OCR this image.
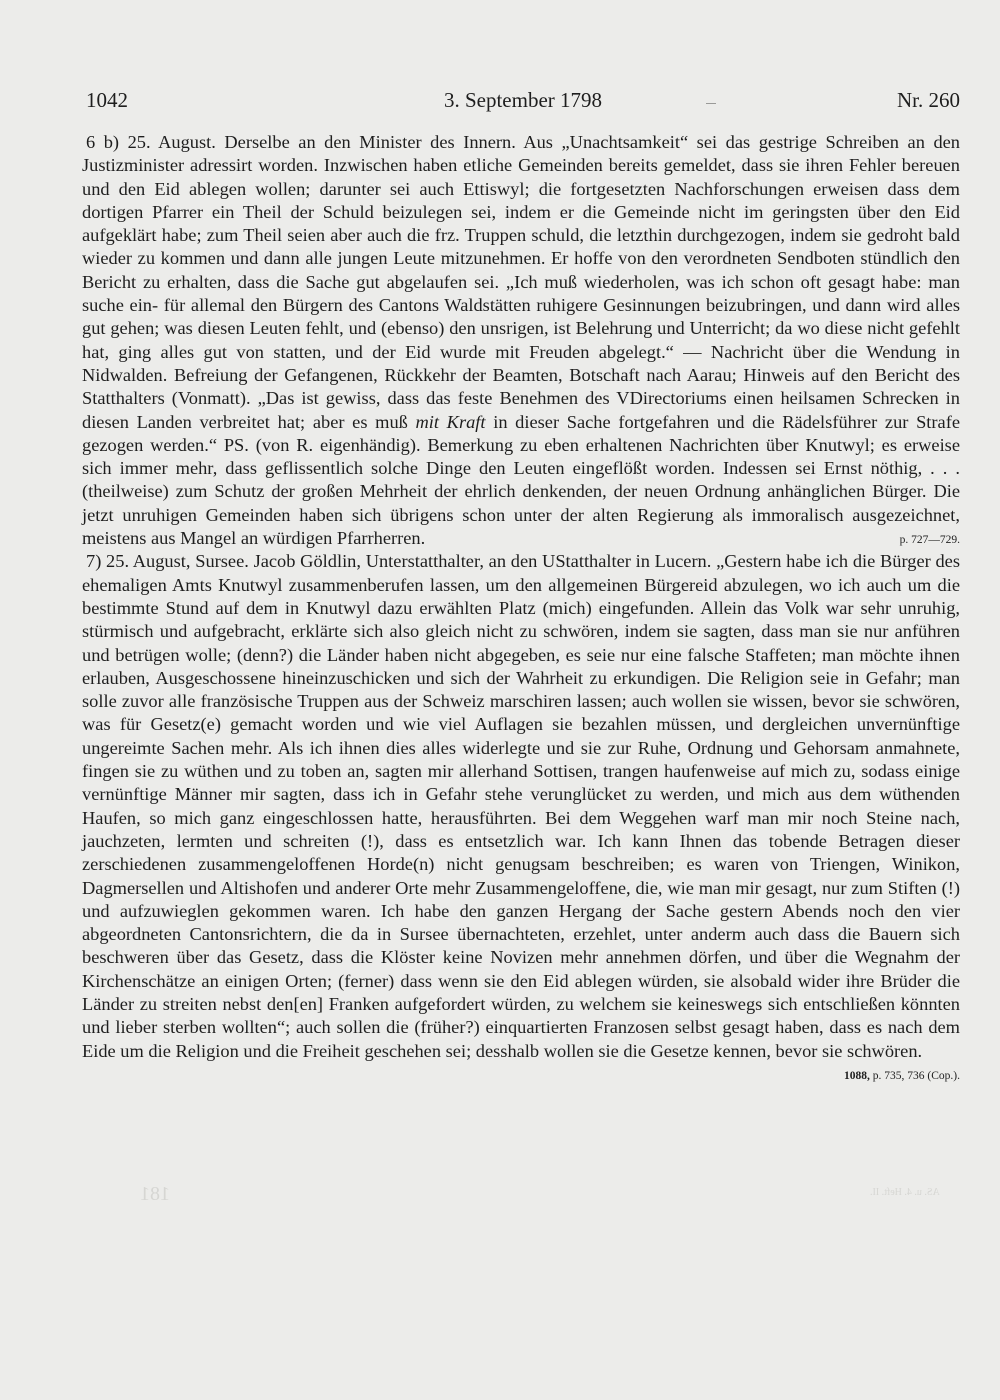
1042	3. September 1798	Nr. 260

6 b) 25. August. Derselbe an den Minister des Innern. Aus „Unachtsamkeit“ sei das gestrige Schreiben an den Justizminister adressirt worden. Inzwischen haben etliche Gemeinden bereits gemeldet, dass sie ihren Fehler bereuen und den Eid ablegen wollen; darunter sei auch Ettiswyl; die fortgesetzten Nachforschungen erweisen dass dem dortigen Pfarrer ein Theil der Schuld beizulegen sei, indem er die Gemeinde nicht im geringsten über den Eid aufgeklärt habe; zum Theil seien aber auch die frz. Truppen schuld, die letzthin durchgezogen, indem sie gedroht bald wieder zu kommen und dann alle jungen Leute mitzunehmen. Er hoffe von den verordneten Sendboten stündlich den Bericht zu erhalten, dass die Sache gut abgelaufen sei. „Ich muß wiederholen, was ich schon oft gesagt habe: man suche ein- für allemal den Bürgern des Cantons Waldstätten ruhigere Gesinnungen beizubringen, und dann wird alles gut gehen; was diesen Leuten fehlt, und (ebenso) den unsrigen, ist Belehrung und Unterricht; da wo diese nicht gefehlt hat, ging alles gut von statten, und der Eid wurde mit Freuden abgelegt.“ — Nachricht über die Wendung in Nidwalden. Befreiung der Gefangenen, Rückkehr der Beamten, Botschaft nach Aarau; Hinweis auf den Bericht des Statthalters (Vonmatt). „Das ist gewiss, dass das feste Benehmen des VDirectoriums einen heilsamen Schrecken in diesen Landen verbreitet hat; aber es muß mit Kraft in dieser Sache fortgefahren und die Rädelsführer zur Strafe gezogen werden.“ PS. (von R. eigenhändig). Bemerkung zu eben erhaltenen Nachrichten über Knutwyl; es erweise sich immer mehr, dass geflissentlich solche Dinge den Leuten eingeflößt worden. Indessen sei Ernst nöthig, . . . (theilweise) zum Schutz der großen Mehrheit der ehrlich denkenden, der neuen Ordnung anhänglichen Bürger. Die jetzt unruhigen Gemeinden haben sich übrigens schon unter der alten Regierung als immoralisch ausgezeichnet, meistens aus Mangel an würdigen Pfarrherren.	p. 727—729.

7) 25. August, Sursee. Jacob Göldlin, Unterstatthalter, an den UStatthalter in Lucern. „Gestern habe ich die Bürger des ehemaligen Amts Knutwyl zusammenberufen lassen, um den allgemeinen Bürgereid abzulegen, wo ich auch um die bestimmte Stund auf dem in Knutwyl dazu erwählten Platz (mich) eingefunden. Allein das Volk war sehr unruhig, stürmisch und aufgebracht, erklärte sich also gleich nicht zu schwören, indem sie sagten, dass man sie nur anführen und betrügen wolle; (denn?) die Länder haben nicht abgegeben, es seie nur eine falsche Staffeten; man möchte ihnen erlauben, Ausgeschossene hineinzuschicken und sich der Wahrheit zu erkundigen. Die Religion seie in Gefahr; man solle zuvor alle französische Truppen aus der Schweiz marschiren lassen; auch wollen sie wissen, bevor sie schwören, was für Gesetz(e) gemacht worden und wie viel Auflagen sie bezahlen müssen, und dergleichen unvernünftige ungereimte Sachen mehr. Als ich ihnen dies alles widerlegte und sie zur Ruhe, Ordnung und Gehorsam anmahnete, fingen sie zu wüthen und zu toben an, sagten mir allerhand Sottisen, trangen haufenweise auf mich zu, sodass einige vernünftige Männer mir sagten, dass ich in Gefahr stehe verunglücket zu werden, und mich aus dem wüthenden Haufen, so mich ganz eingeschlossen hatte, herausführten. Bei dem Weggehen warf man mir noch Steine nach, jauchzeten, lermten und schreiten (!), dass es entsetzlich war. Ich kann Ihnen das tobende Betragen dieser zerschiedenen zusammengeloffenen Horde(n) nicht genugsam beschreiben; es waren von Triengen, Winikon, Dagmersellen und Altishofen und anderer Orte mehr Zusammengeloffene, die, wie man mir gesagt, nur zum Stiften (!) und aufzuwieglen gekommen waren. Ich habe den ganzen Hergang der Sache gestern Abends noch den vier abgeordneten Cantonsrichtern, die da in Sursee übernachteten, erzehlet, unter anderm auch dass die Bauern sich beschweren über das Gesetz, dass die Klöster keine Novizen mehr annehmen dörfen, und über die Wegnahm der Kirchenschätze an einigen Orten; (ferner) dass wenn sie den Eid ablegen würden, sie alsobald wider ihre Brüder die Länder zu streiten nebst den[en] Franken aufgefordert würden, zu welchem sie keineswegs sich entschließen könnten und lieber sterben wollten“; auch sollen die (früher?) einquartierten Franzosen selbst gesagt haben, dass es nach dem Eide um die Religion und die Freiheit geschehen sei; desshalb wollen sie die Gesetze kennen, bevor sie schwören.
1088, p. 735, 736 (Cop.).

181	AS. u. 4. Heft. II.
